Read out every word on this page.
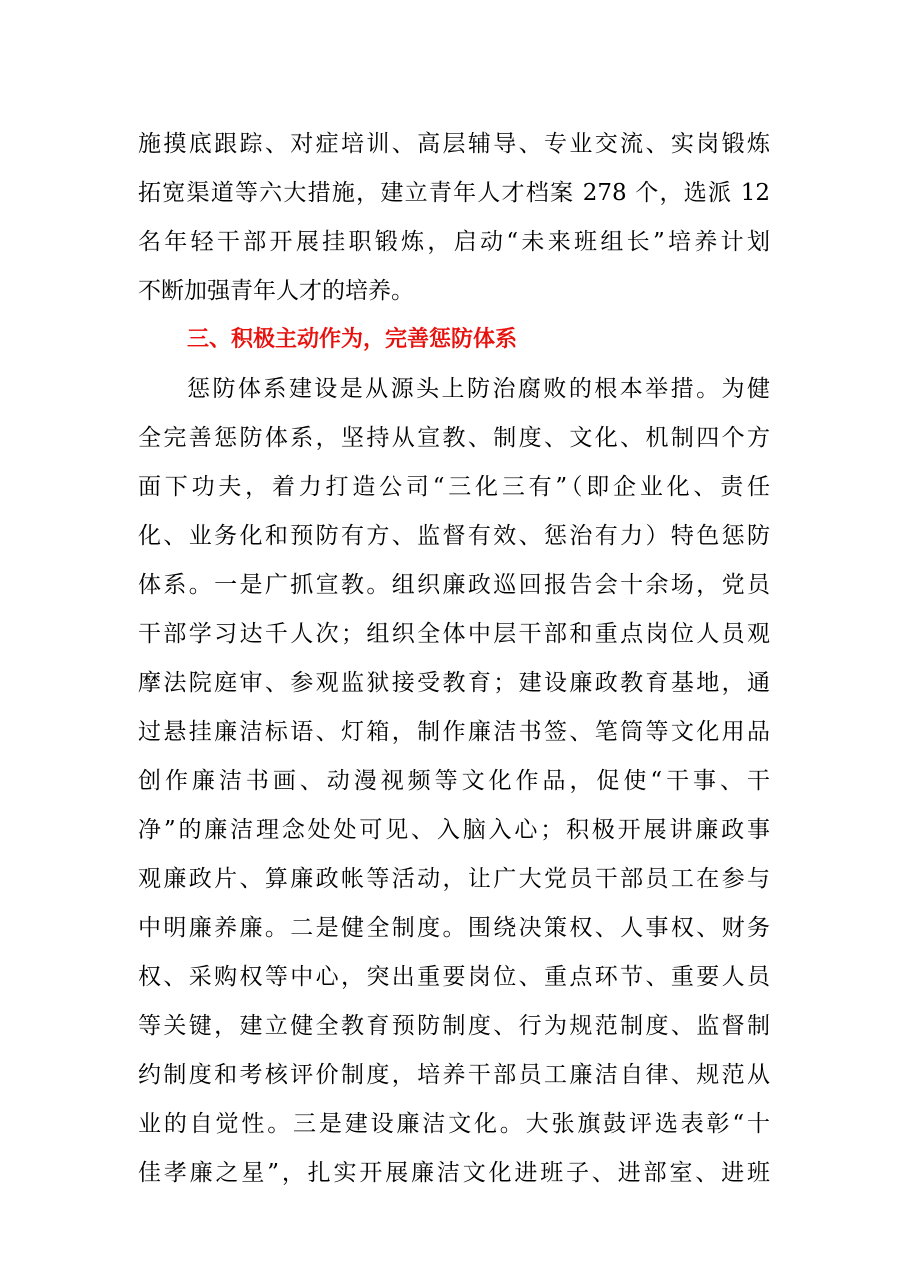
施摸底跟踪、对症培训、高层辅导、专业交流、实岗锻炼
拓宽渠道等六大措施，建立青年人才档案 278 个，选派 12
名年轻干部开展挂职锻炼，启动“未来班组长”培养计划
不断加强青年人才的培养。
三、积极主动作为，完善惩防体系
惩防体系建设是从源头上防治腐败的根本举措。为健
全完善惩防体系，坚持从宣教、制度、文化、机制四个方
面下功夫，着力打造公司“三化三有”（即企业化、责任
化、业务化和预防有方、监督有效、惩治有力）特色惩防
体系。一是广抓宣教。组织廉政巡回报告会十余场，党员
干部学习达千人次；组织全体中层干部和重点岗位人员观
摩法院庭审、参观监狱接受教育；建设廉政教育基地，通
过悬挂廉洁标语、灯箱，制作廉洁书签、笔筒等文化用品
创作廉洁书画、动漫视频等文化作品，促使“干事、干
净”的廉洁理念处处可见、入脑入心；积极开展讲廉政事
观廉政片、算廉政帐等活动，让广大党员干部员工在参与
中明廉养廉。二是健全制度。围绕决策权、人事权、财务
权、采购权等中心，突出重要岗位、重点环节、重要人员
等关键，建立健全教育预防制度、行为规范制度、监督制
约制度和考核评价制度，培养干部员工廉洁自律、规范从
业的自觉性。三是建设廉洁文化。大张旗鼓评选表彰“十
佳孝廉之星”，扎实开展廉洁文化进班子、进部室、进班
